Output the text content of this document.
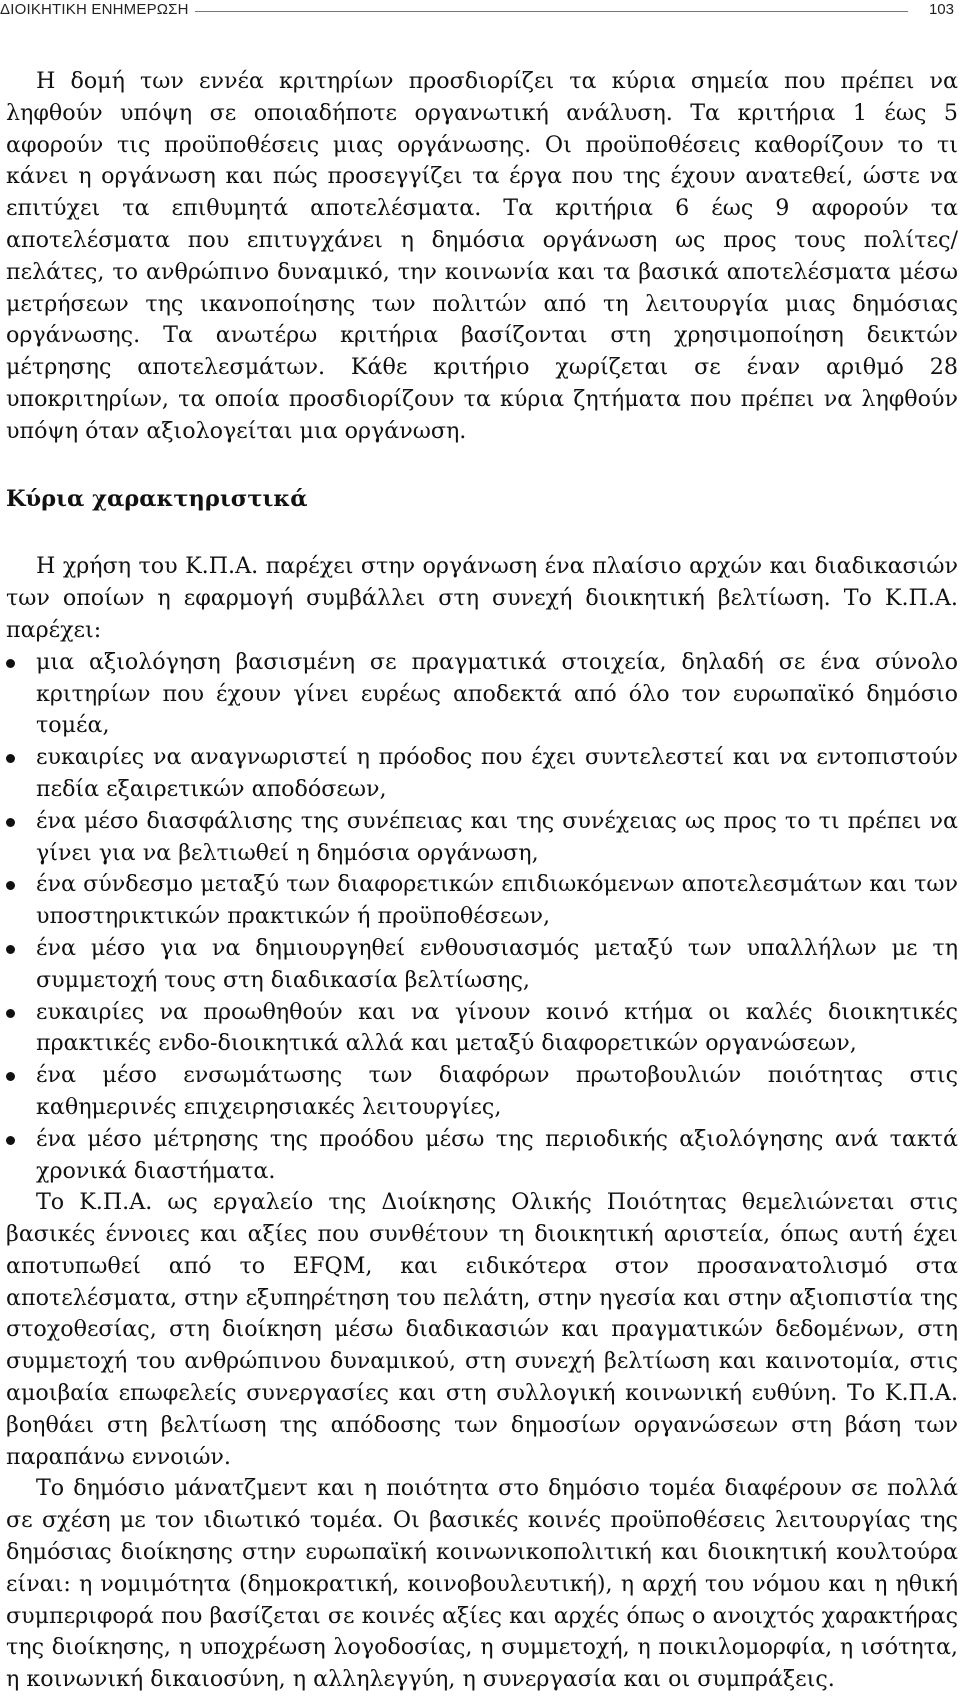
ΔΙΟΙΚΗΤΙΚΗ ΕΝΗΜΕΡΩΣΗ	103

Η δομή των εννέα κριτηρίων προσδιορίζει τα κύρια σημεία που πρέπει να ληφθούν υπόψη σε οποιαδήποτε οργανωτική ανάλυση. Τα κριτήρια 1 έως 5 αφορούν τις προϋποθέσεις μιας οργάνωσης. Οι προϋποθέσεις καθορίζουν το τι κάνει η οργάνωση και πώς προσεγγίζει τα έργα που της έχουν ανατεθεί, ώστε να επιτύχει τα επιθυμητά αποτελέσματα. Τα κριτήρια 6 έως 9 αφορούν τα αποτελέσματα που επιτυγχάνει η δημόσια οργάνωση ως προς τους πολίτες/πελάτες, το ανθρώπινο δυναμικό, την κοινωνία και τα βασικά αποτελέσματα μέσω μετρήσεων της ικανοποίησης των πολιτών από τη λειτουργία μιας δημόσιας οργάνωσης. Τα ανωτέρω κριτήρια βασίζονται στη χρησιμοποίηση δεικτών μέτρησης αποτελεσμάτων. Κάθε κριτήριο χωρίζεται σε έναν αριθμό 28 υποκριτηρίων, τα οποία προσδιορίζουν τα κύρια ζητήματα που πρέπει να ληφθούν υπόψη όταν αξιολογείται μια οργάνωση.

Κύρια χαρακτηριστικά

Η χρήση του Κ.Π.Α. παρέχει στην οργάνωση ένα πλαίσιο αρχών και διαδικασιών των οποίων η εφαρμογή συμβάλλει στη συνεχή διοικητική βελτίωση. Το Κ.Π.Α. παρέχει:

μια αξιολόγηση βασισμένη σε πραγματικά στοιχεία, δηλαδή σε ένα σύνολο κριτηρίων που έχουν γίνει ευρέως αποδεκτά από όλο τον ευρωπαϊκό δημόσιο τομέα,
ευκαιρίες να αναγνωριστεί η πρόοδος που έχει συντελεστεί και να εντοπιστούν πεδία εξαιρετικών αποδόσεων,
ένα μέσο διασφάλισης της συνέπειας και της συνέχειας ως προς το τι πρέπει να γίνει για να βελτιωθεί η δημόσια οργάνωση,
ένα σύνδεσμο μεταξύ των διαφορετικών επιδιωκόμενων αποτελεσμάτων και των υποστηρικτικών πρακτικών ή προϋποθέσεων,
ένα μέσο για να δημιουργηθεί ενθουσιασμός μεταξύ των υπαλλήλων με τη συμμετοχή τους στη διαδικασία βελτίωσης,
ευκαιρίες να προωθηθούν και να γίνουν κοινό κτήμα οι καλές διοικητικές πρακτικές ενδο-διοικητικά αλλά και μεταξύ διαφορετικών οργανώσεων,
ένα μέσο ενσωμάτωσης των διαφόρων πρωτοβουλιών ποιότητας στις καθημερινές επιχειρησιακές λειτουργίες,
ένα μέσο μέτρησης της προόδου μέσω της περιοδικής αξιολόγησης ανά τακτά χρονικά διαστήματα.

Το Κ.Π.Α. ως εργαλείο της Διοίκησης Ολικής Ποιότητας θεμελιώνεται στις βασικές έννοιες και αξίες που συνθέτουν τη διοικητική αριστεία, όπως αυτή έχει αποτυπωθεί από το EFQM, και ειδικότερα στον προσανατολισμό στα αποτελέσματα, στην εξυπηρέτηση του πελάτη, στην ηγεσία και στην αξιοπιστία της στοχοθεσίας, στη διοίκηση μέσω διαδικασιών και πραγματικών δεδομένων, στη συμμετοχή του ανθρώπινου δυναμικού, στη συνεχή βελτίωση και καινοτομία, στις αμοιβαία επωφελείς συνεργασίες και στη συλλογική κοινωνική ευθύνη. Το Κ.Π.Α. βοηθάει στη βελτίωση της απόδοσης των δημοσίων οργανώσεων στη βάση των παραπάνω εννοιών.

Το δημόσιο μάνατζμεντ και η ποιότητα στο δημόσιο τομέα διαφέρουν σε πολλά σε σχέση με τον ιδιωτικό τομέα. Οι βασικές κοινές προϋποθέσεις λειτουργίας της δημόσιας διοίκησης στην ευρωπαϊκή κοινωνικοπολιτική και διοικητική κουλτούρα είναι: η νομιμότητα (δημοκρατική, κοινοβουλευτική), η αρχή του νόμου και η ηθική συμπεριφορά που βασίζεται σε κοινές αξίες και αρχές όπως ο ανοιχτός χαρακτήρας της διοίκησης, η υποχρέωση λογοδοσίας, η συμμετοχή, η ποικιλομορφία, η ισότητα, η κοινωνική δικαιοσύνη, η αλληλεγγύη, η συνεργασία και οι συμπράξεις.
